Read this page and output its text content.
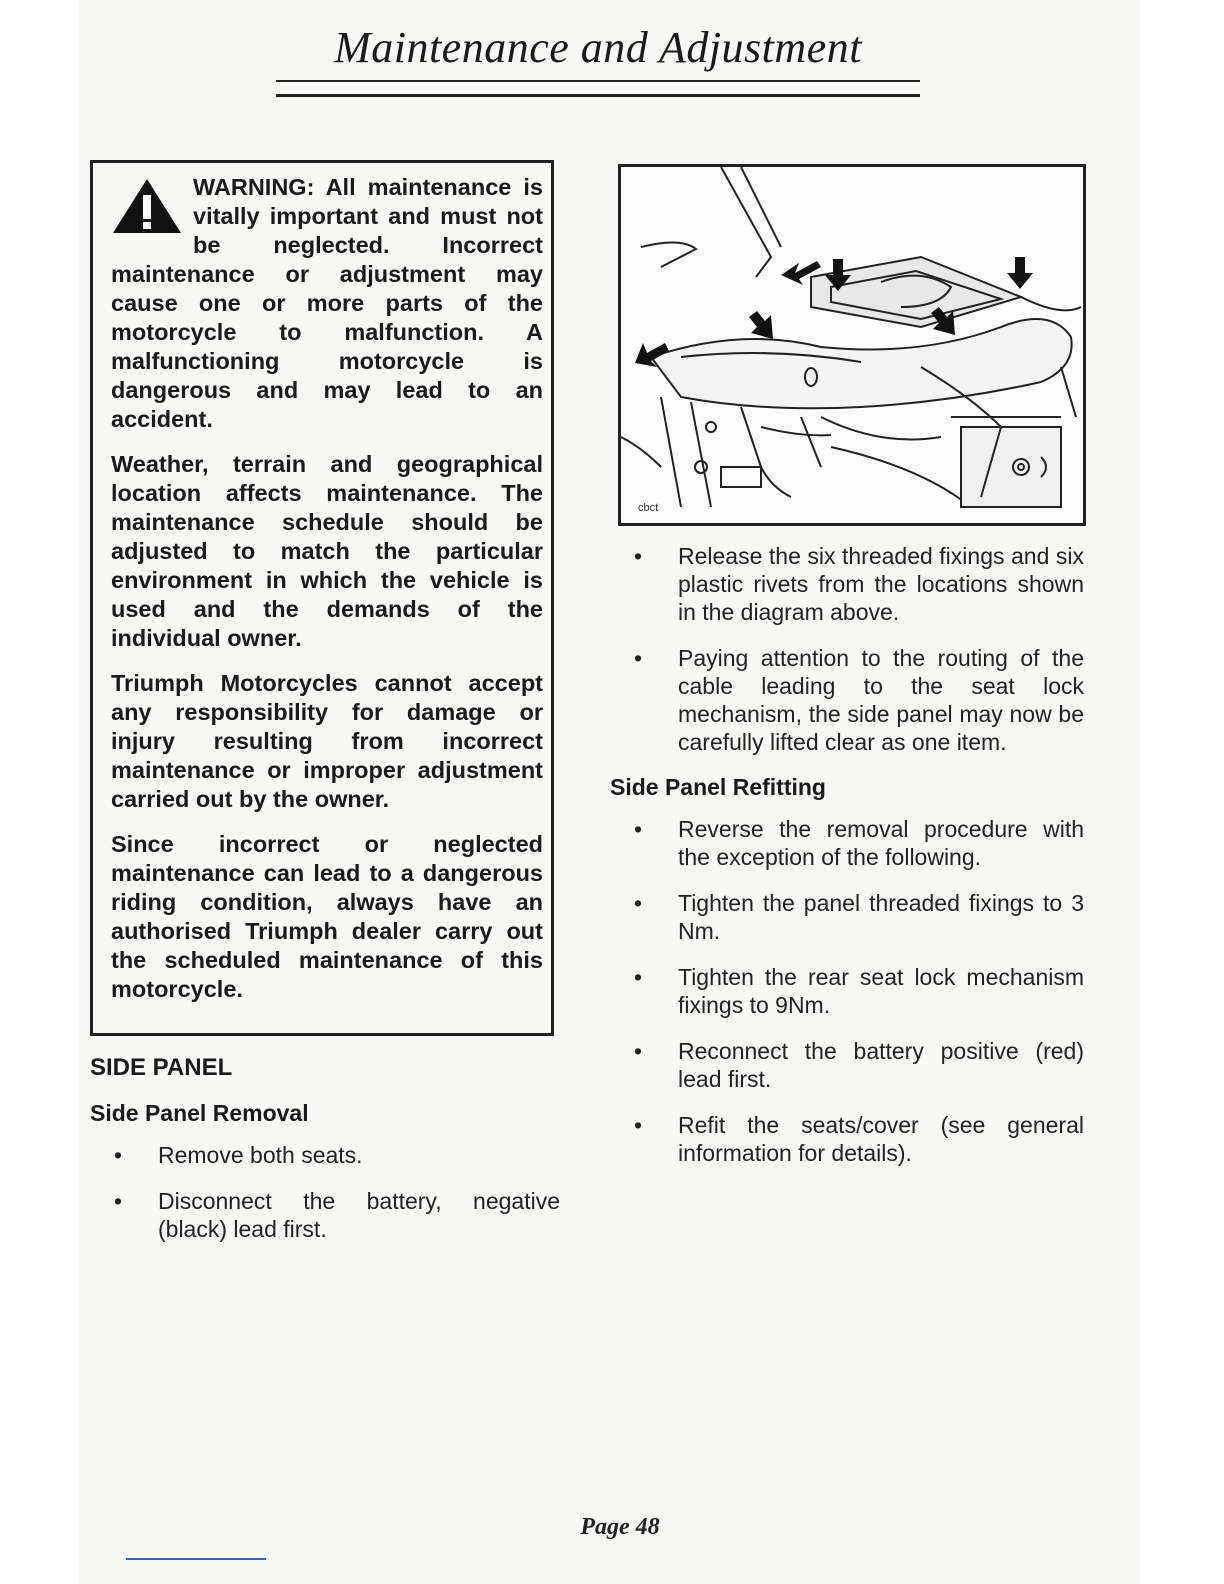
Maintenance and Adjustment

WARNING: All maintenance is vitally important and must not be neglected. Incorrect maintenance or adjustment may cause one or more parts of the motorcycle to malfunction. A malfunctioning motorcycle is dangerous and may lead to an accident.

Weather, terrain and geographical location affects maintenance. The maintenance schedule should be adjusted to match the particular environment in which the vehicle is used and the demands of the individual owner.

Triumph Motorcycles cannot accept any responsibility for damage or injury resulting from incorrect maintenance or improper adjustment carried out by the owner.

Since incorrect or neglected maintenance can lead to a dangerous riding condition, always have an authorised Triumph dealer carry out the scheduled maintenance of this motorcycle.

SIDE PANEL
Side Panel Removal
• Remove both seats.
• Disconnect the battery, negative (black) lead first.
cbct
• Release the six threaded fixings and six plastic rivets from the locations shown in the diagram above.
• Paying attention to the routing of the cable leading to the seat lock mechanism, the side panel may now be carefully lifted clear as one item.
Side Panel Refitting
• Reverse the removal procedure with the exception of the following.
• Tighten the panel threaded fixings to 3 Nm.
• Tighten the rear seat lock mechanism fixings to 9Nm.
• Reconnect the battery positive (red) lead first.
• Refit the seats/cover (see general information for details).
Page 48
